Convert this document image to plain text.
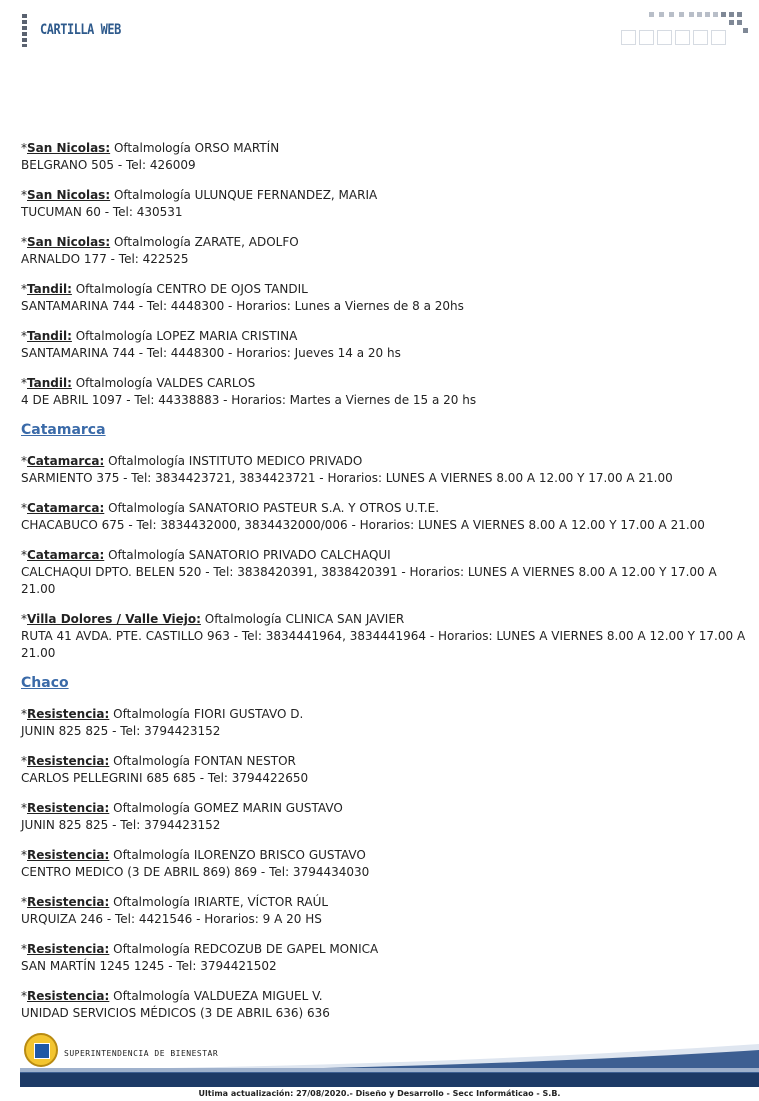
CARTILLA WEB
*San Nicolas: Oftalmología ORSO MARTÍN
BELGRANO 505 - Tel: 426009
*San Nicolas: Oftalmología ULUNQUE FERNANDEZ, MARIA
TUCUMAN 60 - Tel: 430531
*San Nicolas: Oftalmología ZARATE, ADOLFO
ARNALDO 177 - Tel: 422525
*Tandil: Oftalmología CENTRO DE OJOS TANDIL
SANTAMARINA 744 - Tel: 4448300 - Horarios: Lunes a Viernes de 8 a 20hs
*Tandil: Oftalmología LOPEZ MARIA CRISTINA
SANTAMARINA 744 - Tel: 4448300 - Horarios: Jueves 14 a 20 hs
*Tandil: Oftalmología VALDES CARLOS
4 DE ABRIL 1097 - Tel: 44338883 - Horarios: Martes a Viernes de 15 a 20 hs
Catamarca
*Catamarca: Oftalmología INSTITUTO MEDICO PRIVADO
SARMIENTO 375 - Tel: 3834423721, 3834423721 - Horarios: LUNES A VIERNES 8.00 A 12.00 Y 17.00 A 21.00
*Catamarca: Oftalmología SANATORIO PASTEUR S.A. Y OTROS U.T.E.
CHACABUCO 675 - Tel: 3834432000, 3834432000/006 - Horarios: LUNES A VIERNES 8.00 A 12.00 Y 17.00 A 21.00
*Catamarca: Oftalmología SANATORIO PRIVADO CALCHAQUI
CALCHAQUI DPTO. BELEN 520 - Tel: 3838420391, 3838420391 - Horarios: LUNES A VIERNES 8.00 A 12.00 Y 17.00 A 21.00
*Villa Dolores / Valle Viejo: Oftalmología CLINICA SAN JAVIER
RUTA 41 AVDA. PTE. CASTILLO 963 - Tel: 3834441964, 3834441964 - Horarios: LUNES A VIERNES 8.00 A 12.00 Y 17.00 A 21.00
Chaco
*Resistencia: Oftalmología FIORI GUSTAVO D.
JUNIN 825 825 - Tel: 3794423152
*Resistencia: Oftalmología FONTAN NESTOR
CARLOS PELLEGRINI 685 685 - Tel: 3794422650
*Resistencia: Oftalmología GOMEZ MARIN GUSTAVO
JUNIN 825 825 - Tel: 3794423152
*Resistencia: Oftalmología ILORENZO BRISCO GUSTAVO
CENTRO MEDICO (3 DE ABRIL 869) 869 - Tel: 3794434030
*Resistencia: Oftalmología IRIARTE, VÍCTOR RAÚL
URQUIZA 246 - Tel: 4421546 - Horarios: 9 A 20 HS
*Resistencia: Oftalmología REDCOZUB DE GAPEL MONICA
SAN MARTÍN 1245 1245 - Tel: 3794421502
*Resistencia: Oftalmología VALDUEZA MIGUEL V.
UNIDAD SERVICIOS MÉDICOS (3 DE ABRIL 636) 636
SUPERINTENDENCIA DE BIENESTAR
Ultima actualización: 27/08/2020.- Diseño y Desarrollo - Secc Informáticao - S.B.
